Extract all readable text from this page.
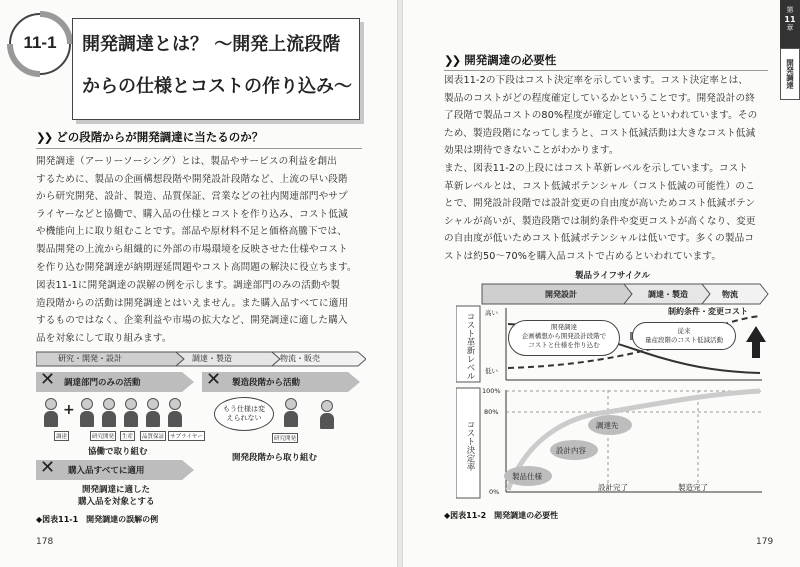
11-1	開発調達とは？ ～開発上流段階
からの仕様とコストの作り込み～
❯❯ どの段階からが開発調達に当たるのか？

開発調達（アーリーソーシング）とは、製品やサービスの利益を創出

するために、製品の企画構想段階や開発設計段階など、上流の早い段階

から研究開発、設計、製造、品質保証、営業などの社内関連部門やサプ

ライヤーなどと協働で、購入品の仕様とコストを作り込み、コスト低減

や機能向上に取り組むことです。部品や原材料不足と価格高騰下では、

製品開発の上流から組織的に外部の市場環境を反映させた仕様やコスト

を作り込む開発調達が納期遅延問題やコスト高問題の解決に役立ちます。

図表11-1に開発調達の誤解の例を示します。調達部門のみの活動や製

造段階からの活動は開発調達とはいえません。また購入品すべてに適用

するものではなく、企業利益や市場の拡大など、開発調達に適した購入

品を対象にして取り組みます。

研究・開発・設計	調達・製造	物流・販売
✕ 調達部門のみの活動
+
調達	研究開発	生産	品質保証	サプライヤー
協働で取り組む
✕ 製造段階から活動
もう仕様は変えられない
研究開発
開発段階から取り組む
✕ 購入品すべてに適用
開発調達に適した
購入品を対象とする
◆図表11-1　開発調達の誤解の例
178
❯❯ 開発調達の必要性

図表11-2の下段はコスト決定率を示しています。コスト決定率とは、

製品のコストがどの程度確定しているかということです。開発設計の終

了段階で製品コストの80%程度が確定しているといわれています。その

ため、製造段階になってしまうと、コスト低減活動は大きなコスト低減

効果は期待できないことがわかります。

また、図表11-2の上段にはコスト革新レベルを示しています。コスト

革新レベルとは、コスト低減ポテンシャル（コスト低減の可能性）のこ

とで、開発設計段階では設計変更の自由度が高いためコスト低減ポテン

シャルが高いが、製造段階では制約条件や変更コストが高くなり、変更

の自由度が低いためコスト低減ポテンシャルは低いです。多くの製品コ

ストは約50～70%を購入品コストで占めるといわれています。

製品ライフサイクル
開発設計	調達・製造	物流
コスト革新レベル 高い
低い
制約条件・変更コスト
開発調達
企画構想から開発設計段階で
コストと仕様を作り込む
従来
量産段階のコスト低減活動
コスト決定率
100%
80%
0%
製品仕様
設計内容
調達先
設計完了	製造完了
◆図表11-2　開発調達の必要性
179
第
11
章
開発調達
